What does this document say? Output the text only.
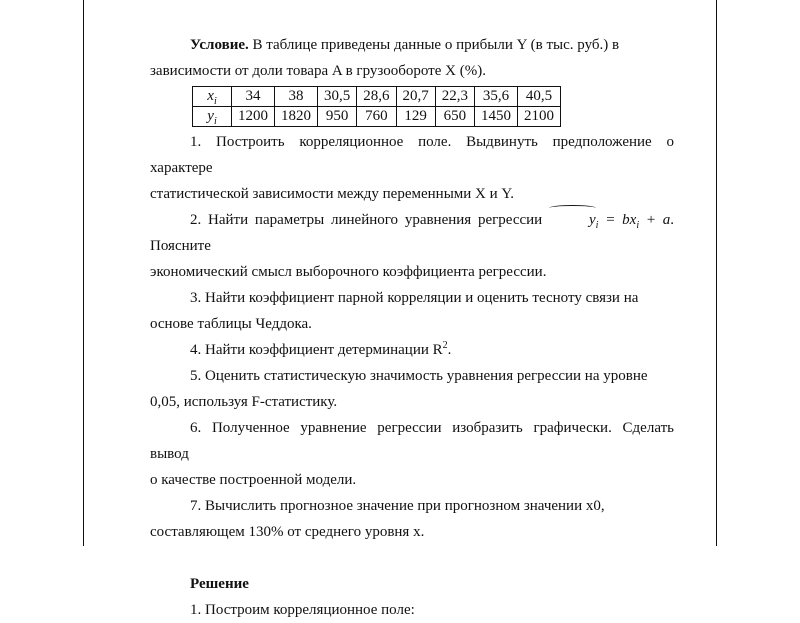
Условие. В таблице приведены данные о прибыли Y (в тыс. руб.) в

зависимости от доли товара A в грузообороте X (%).

$x_i$	34	38	30,5	28,6	20,7	22,3	35,6	40,5
$y_i$	1200	1820	950	760	129	650	1450	2100

1. Построить корреляционное поле. Выдвинуть предположение о характере

статистической зависимости между переменными X и Y.

2. Найти параметры линейного уравнения регрессии	$y_i = bx_i + a$. Поясните

экономический смысл выборочного коэффициента регрессии.

3. Найти коэффициент парной корреляции и оценить тесноту связи на

основе таблицы Чеддока.

4. Найти коэффициент детерминации $R^2$.

5. Оценить статистическую значимость уравнения регрессии на уровне

0,05, используя F-статистику.

6. Полученное уравнение регрессии изобразить графически. Сделать вывод

о качестве построенной модели.

7. Вычислить прогнозное значение при прогнозном значении x0,

составляющем 130% от среднего уровня x.

Решение

1. Построим корреляционное поле:
